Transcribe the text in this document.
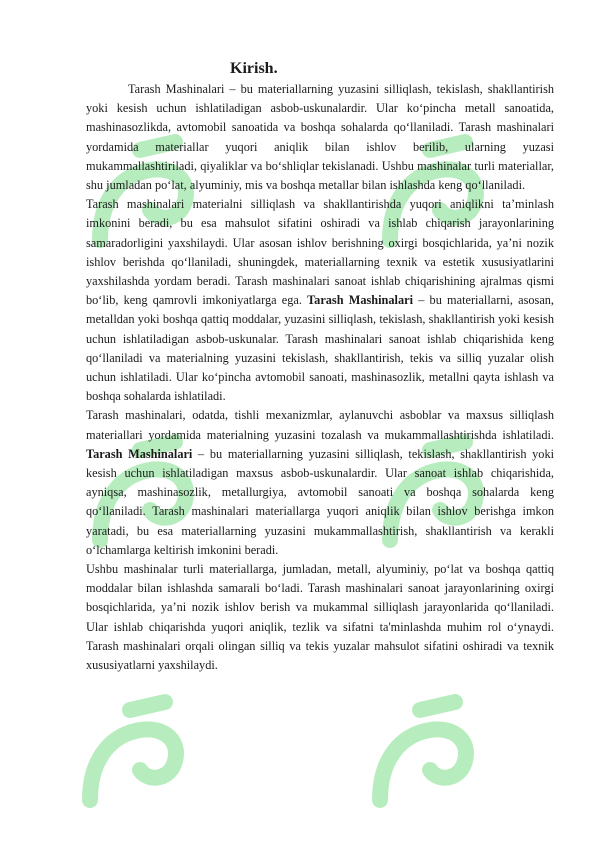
Kirish.

Tarash Mashinalari – bu materiallarning yuzasini silliqlash, tekislash, shakllantirish yoki kesish uchun ishlatiladigan asbob-uskunalardir. Ular ko‘pincha metall sanoatida, mashinasozlikda, avtomobil sanoatida va boshqa sohalarda qo‘llaniladi. Tarash mashinalari yordamida materiallar yuqori aniqlik bilan ishlov berilib, ularning yuzasi mukammallashtiriladi, qiyaliklar va bo‘shliqlar tekislanadi. Ushbu mashinalar turli materiallar, shu jumladan po‘lat, alyuminiy, mis va boshqa metallar bilan ishlashda keng qo‘llaniladi.

Tarash mashinalari materialni silliqlash va shakllantirishda yuqori aniqlikni ta’minlash imkonini beradi, bu esa mahsulot sifatini oshiradi va ishlab chiqarish jarayonlarining samaradorligini yaxshilaydi. Ular asosan ishlov berishning oxirgi bosqichlarida, ya’ni nozik ishlov berishda qo‘llaniladi, shuningdek, materiallarning texnik va estetik xususiyatlarini yaxshilashda yordam beradi. Tarash mashinalari sanoat ishlab chiqarishining ajralmas qismi bo‘lib, keng qamrovli imkoniyatlarga ega. Tarash Mashinalari – bu materiallarni, asosan, metalldan yoki boshqa qattiq moddalar, yuzasini silliqlash, tekislash, shakllantirish yoki kesish uchun ishlatiladigan asbob-uskunalar. Tarash mashinalari sanoat ishlab chiqarishida keng qo‘llaniladi va materialning yuzasini tekislash, shakllantirish, tekis va silliq yuzalar olish uchun ishlatiladi. Ular ko‘pincha avtomobil sanoati, mashinasozlik, metallni qayta ishlash va boshqa sohalarda ishlatiladi.

Tarash mashinalari, odatda, tishli mexanizmlar, aylanuvchi asboblar va maxsus silliqlash materiallari yordamida materialning yuzasini tozalash va mukammallashtirishda ishlatiladi. Tarash Mashinalari – bu materiallarning yuzasini silliqlash, tekislash, shakllantirish yoki kesish uchun ishlatiladigan maxsus asbob-uskunalardir. Ular sanoat ishlab chiqarishida, ayniqsa, mashinasozlik, metallurgiya, avtomobil sanoati va boshqa sohalarda keng qo‘llaniladi. Tarash mashinalari materiallarga yuqori aniqlik bilan ishlov berishga imkon yaratadi, bu esa materiallarning yuzasini mukammallashtirish, shakllantirish va kerakli o‘lchamlarga keltirish imkonini beradi.

Ushbu mashinalar turli materiallarga, jumladan, metall, alyuminiy, po‘lat va boshqa qattiq moddalar bilan ishlashda samarali bo‘ladi. Tarash mashinalari sanoat jarayonlarining oxirgi bosqichlarida, ya’ni nozik ishlov berish va mukammal silliqlash jarayonlarida qo‘llaniladi. Ular ishlab chiqarishda yuqori aniqlik, tezlik va sifatni ta'minlashda muhim rol o‘ynaydi. Tarash mashinalari orqali olingan silliq va tekis yuzalar mahsulot sifatini oshiradi va texnik xususiyatlarni yaxshilaydi.
